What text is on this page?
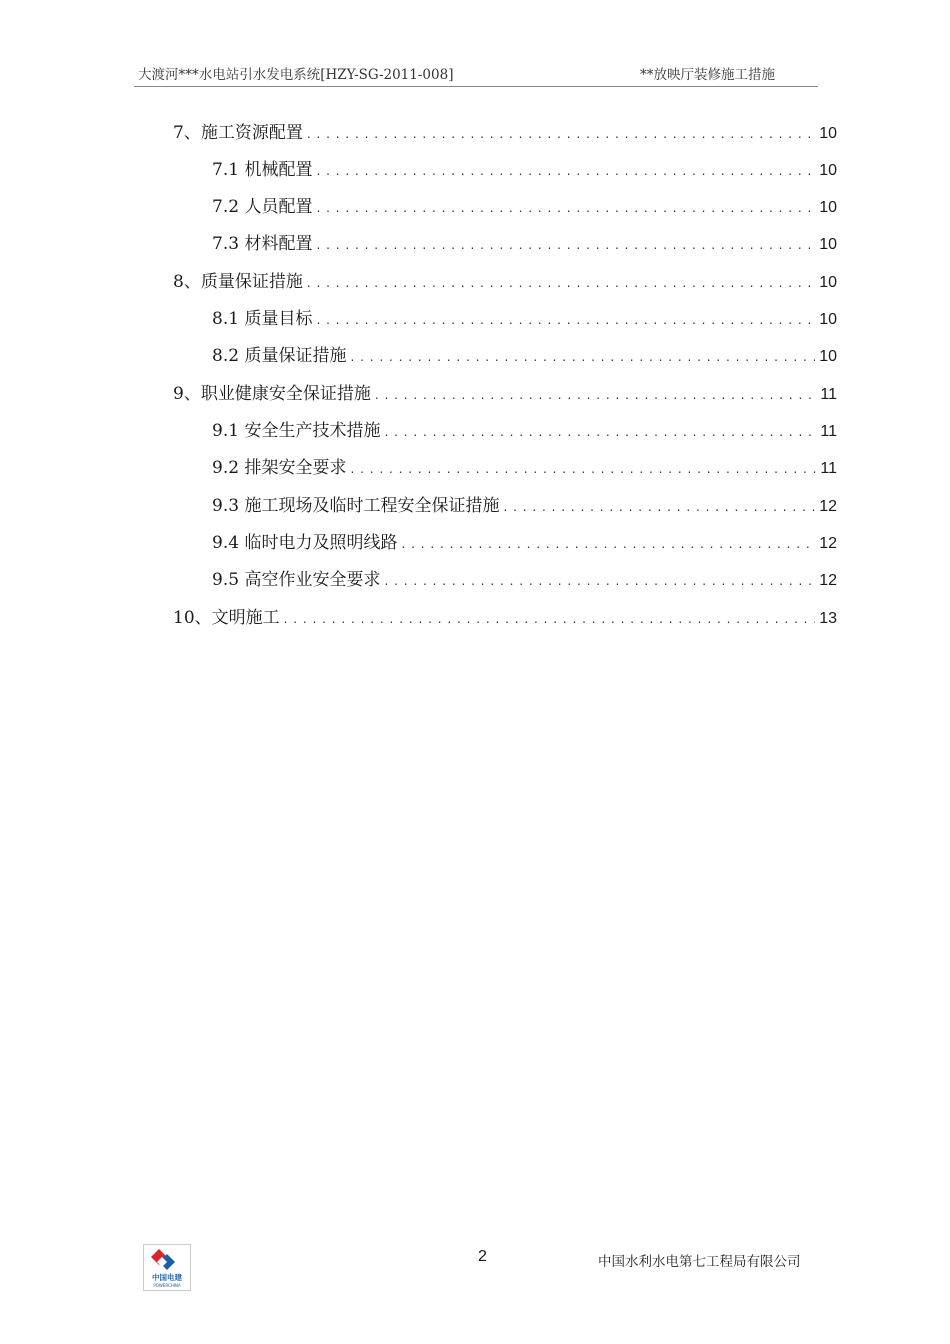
大渡河***水电站引水发电系统[HZY-SG-2011-008]	**放映厅装修施工措施
7、施工资源配置 . . .	10
7.1 机械配置 . . .	10
7.2 人员配置 . . .	10
7.3 材料配置 . . .	10
8、质量保证措施 . . .	10
8.1 质量目标 . . .	10
8.2 质量保证措施 . . .	10
9、职业健康安全保证措施 . . .	11
9.1 安全生产技术措施 . . .	11
9.2 排架安全要求 . . .	11
9.3 施工现场及临时工程安全保证措施 . . .	12
9.4 临时电力及照明线路 . . .	12
9.5 高空作业安全要求 . . .	12
10、文明施工 . . .	13
中国电建
POWERCHINA
2	中国水利水电第七工程局有限公司
